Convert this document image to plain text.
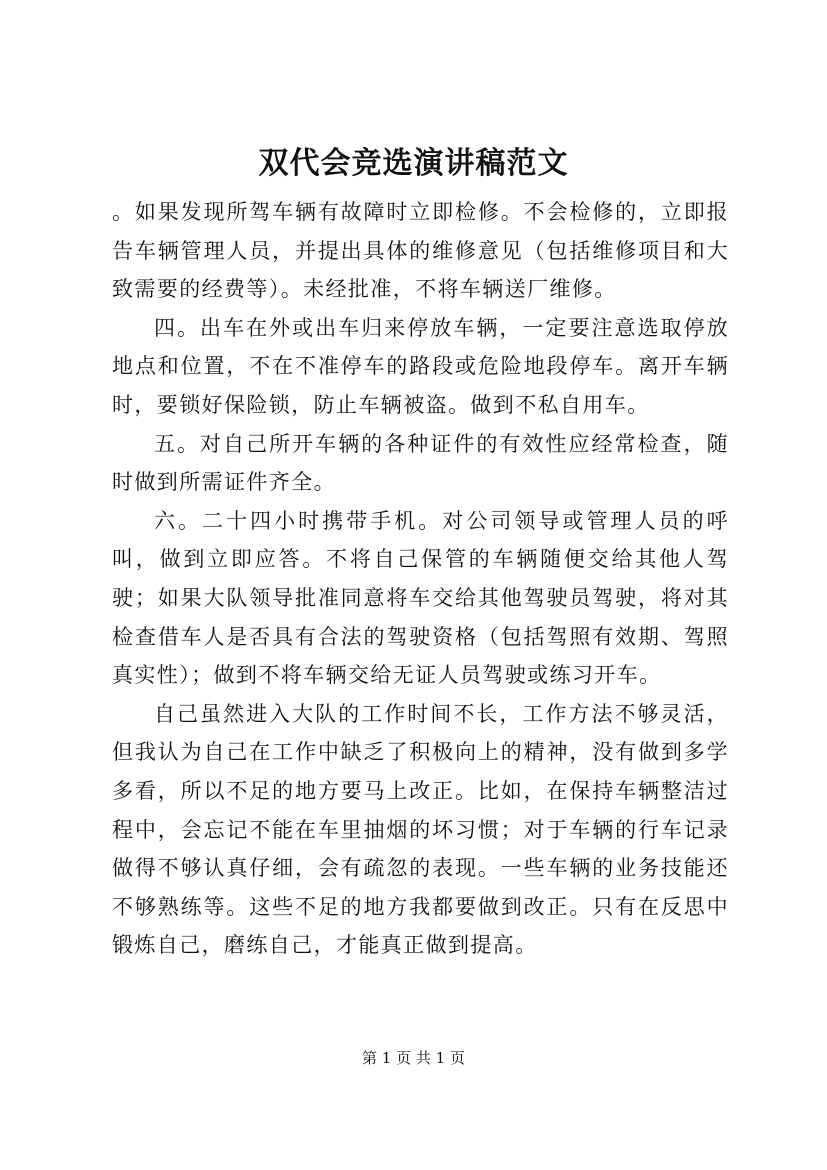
双代会竞选演讲稿范文

。如果发现所驾车辆有故障时立即检修。不会检修的，立即报告车辆管理人员，并提出具体的维修意见（包括维修项目和大致需要的经费等）。未经批准，不将车辆送厂维修。

四。出车在外或出车归来停放车辆，一定要注意选取停放地点和位置，不在不准停车的路段或危险地段停车。离开车辆时，要锁好保险锁，防止车辆被盗。做到不私自用车。

五。对自己所开车辆的各种证件的有效性应经常检查，随时做到所需证件齐全。

六。二十四小时携带手机。对公司领导或管理人员的呼叫，做到立即应答。不将自己保管的车辆随便交给其他人驾驶；如果大队领导批准同意将车交给其他驾驶员驾驶，将对其检查借车人是否具有合法的驾驶资格（包括驾照有效期、驾照真实性）；做到不将车辆交给无证人员驾驶或练习开车。

自己虽然进入大队的工作时间不长，工作方法不够灵活，但我认为自己在工作中缺乏了积极向上的精神，没有做到多学多看，所以不足的地方要马上改正。比如，在保持车辆整洁过程中，会忘记不能在车里抽烟的坏习惯；对于车辆的行车记录做得不够认真仔细，会有疏忽的表现。一些车辆的业务技能还不够熟练等。这些不足的地方我都要做到改正。只有在反思中锻炼自己，磨练自己，才能真正做到提高。

第 1 页 共 1 页
